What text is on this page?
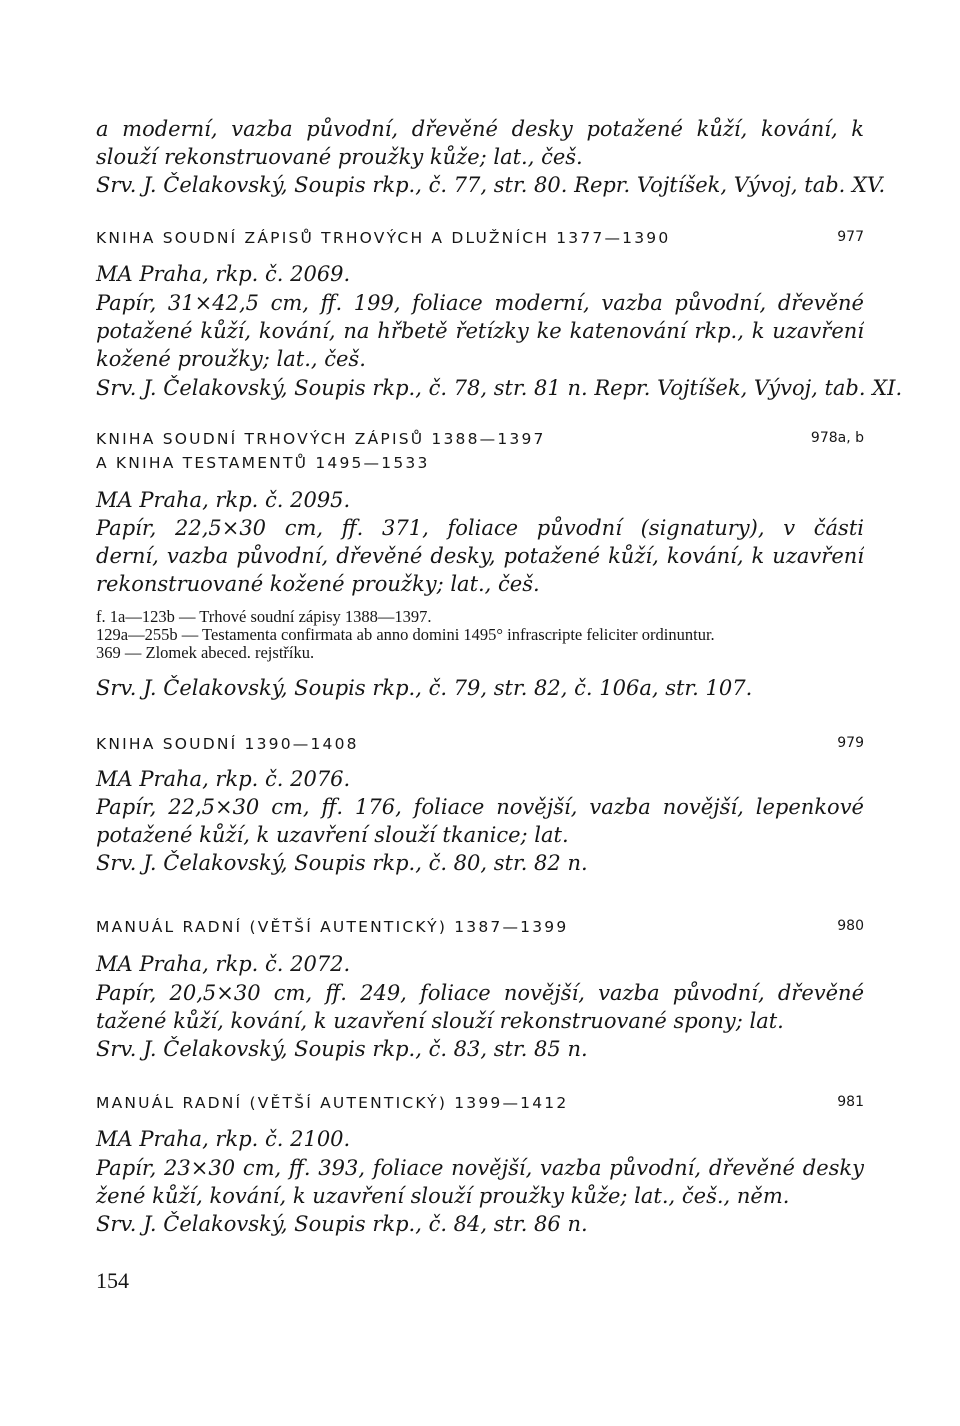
a moderní, vazba původní, dřevěné desky potažené kůží, kování, k
slouží rekonstruované proužky kůže; lat., češ.
Srv. J. Čelakovský, Soupis rkp., č. 77, str. 80. Repr. Vojtíšek, Vývoj, tab. XV.
KNIHA SOUDNÍ ZÁPISŮ TRHOVÝCH A DLUŽNÍCH 1377—1390	977
MA Praha, rkp. č. 2069.
Papír, 31×42,5 cm, ff. 199, foliace moderní, vazba původní, dřevěné
potažené kůží, kování, na hřbetě řetízky ke katenování rkp., k uzavření
kožené proužky; lat., češ.
Srv. J. Čelakovský, Soupis rkp., č. 78, str. 81 n. Repr. Vojtíšek, Vývoj, tab. XI.
KNIHA SOUDNÍ TRHOVÝCH ZÁPISŮ 1388—1397	978a, b
A KNIHA TESTAMENTŮ 1495—1533
MA Praha, rkp. č. 2095.
Papír, 22,5×30 cm, ff. 371, foliace původní (signatury), v části
derní, vazba původní, dřevěné desky, potažené kůží, kování, k uzavření
rekonstruované kožené proužky; lat., češ.
f. 1a—123b — Trhové soudní zápisy 1388—1397.
129a—255b — Testamenta confirmata ab anno domini 1495° infrascripte feliciter ordinuntur.
369 — Zlomek abeced. rejstříku.
Srv. J. Čelakovský, Soupis rkp., č. 79, str. 82, č. 106a, str. 107.
KNIHA SOUDNÍ 1390—1408	979
MA Praha, rkp. č. 2076.
Papír, 22,5×30 cm, ff. 176, foliace novější, vazba novější, lepenkové
potažené kůží, k uzavření slouží tkanice; lat.
Srv. J. Čelakovský, Soupis rkp., č. 80, str. 82 n.
MANUÁL RADNÍ (VĚTŠÍ AUTENTICKÝ) 1387—1399	980
MA Praha, rkp. č. 2072.
Papír, 20,5×30 cm, ff. 249, foliace novější, vazba původní, dřevěné
tažené kůží, kování, k uzavření slouží rekonstruované spony; lat.
Srv. J. Čelakovský, Soupis rkp., č. 83, str. 85 n.
MANUÁL RADNÍ (VĚTŠÍ AUTENTICKÝ) 1399—1412	981
MA Praha, rkp. č. 2100.
Papír, 23×30 cm, ff. 393, foliace novější, vazba původní, dřevěné desky
žené kůží, kování, k uzavření slouží proužky kůže; lat., češ., něm.
Srv. J. Čelakovský, Soupis rkp., č. 84, str. 86 n.
154
